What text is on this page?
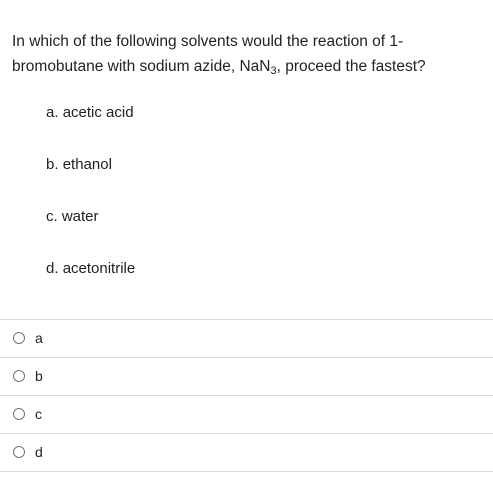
In which of the following solvents would the reaction of 1-bromobutane with sodium azide, NaN$_3$, proceed the fastest?
a. acetic acid
b. ethanol
c. water
d. acetonitrile
a
b
c
d
